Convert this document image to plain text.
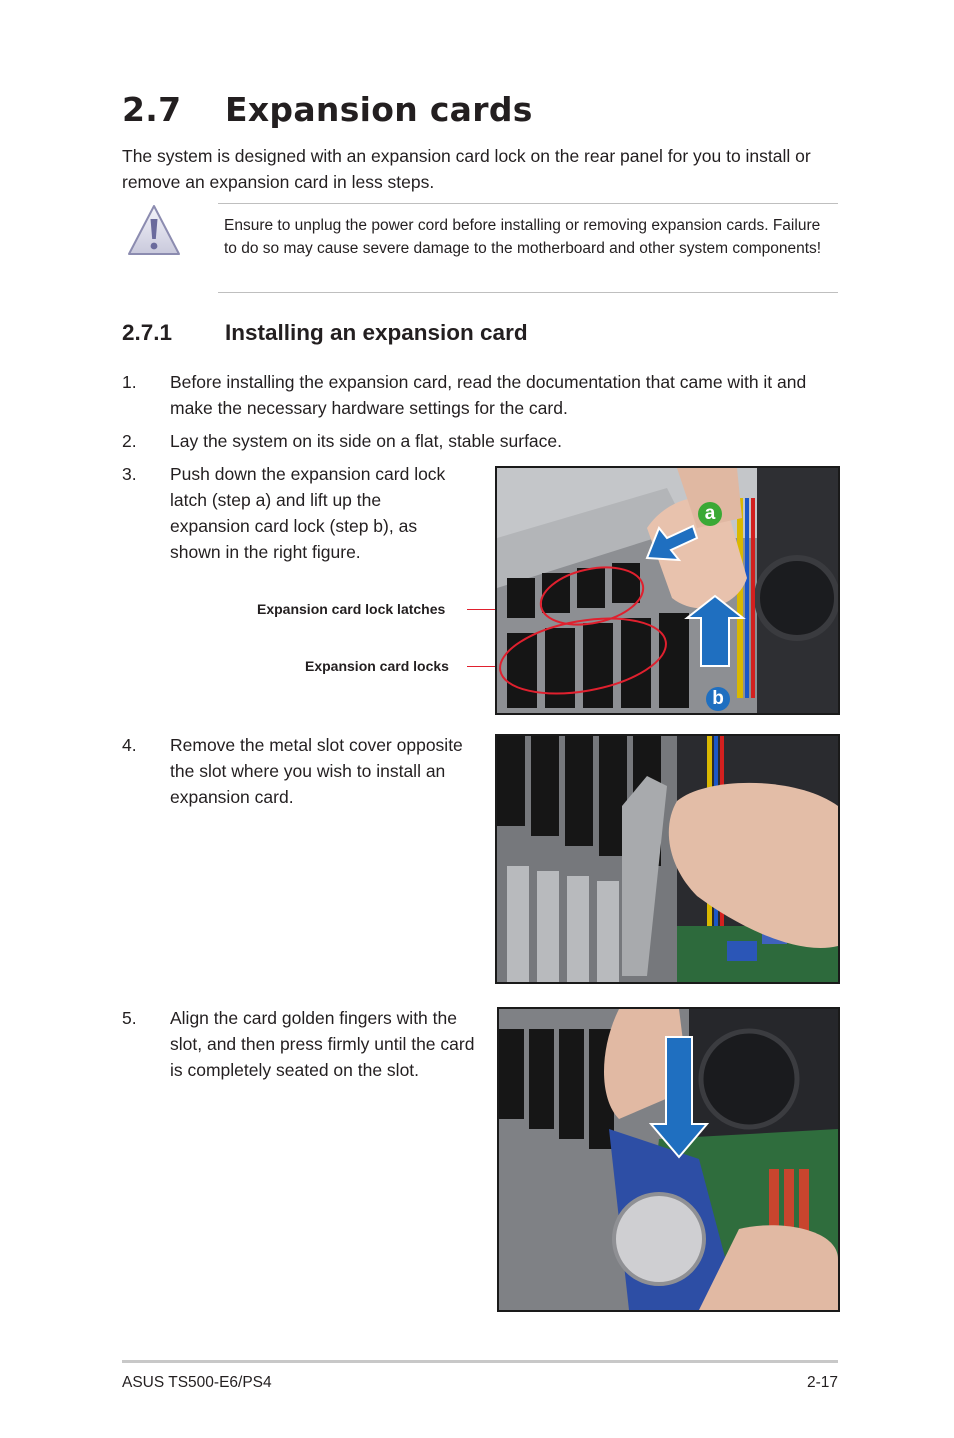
2.7 Expansion cards

The system is designed with an expansion card lock on the rear panel for you to install or remove an expansion card in less steps.

Ensure to unplug the power cord before installing or removing expansion cards. Failure to do so may cause severe damage to the motherboard and other system components!

2.7.1 Installing an expansion card
1.	Before installing the expansion card, read the documentation that came with it and make the necessary hardware settings for the card.
2.	Lay the system on its side on a flat, stable surface.
3.	Push down the expansion card lock latch (step a) and lift up the expansion card lock (step b), as shown in the right figure.
4.	Remove the metal slot cover opposite the slot where you wish to install an expansion card.
5.	Align the card golden fingers with the slot, and then press firmly until the card is completely seated on the slot.
Expansion card lock latches
Expansion card locks
a
b
ASUS TS500-E6/PS4	2-17
